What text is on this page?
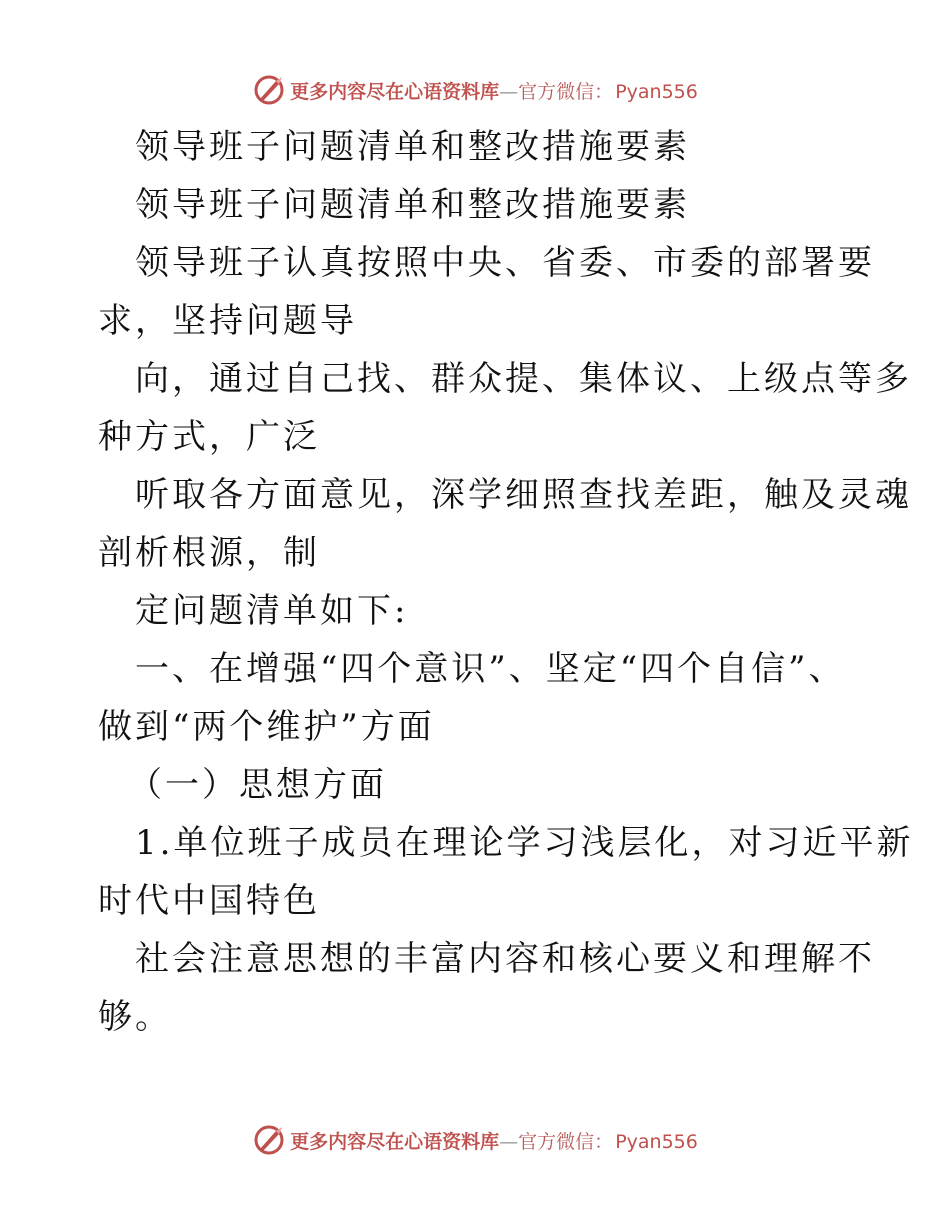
更多内容尽在心语资料库—官方微信： Pyan556
领导班子问题清单和整改措施要素
领导班子问题清单和整改措施要素
领导班子认真按照中央、省委、市委的部署要
求，坚持问题导
向，通过自己找、群众提、集体议、上级点等多
种方式，广泛
听取各方面意见，深学细照查找差距，触及灵魂
剖析根源，制
定问题清单如下:
一、在增强“四个意识”、坚定“四个自信”、
做到“两个维护”方面
（一）思想方面
1.单位班子成员在理论学习浅层化，对习近平新
时代中国特色
社会注意思想的丰富内容和核心要义和理解不
够。
更多内容尽在心语资料库—官方微信： Pyan556
